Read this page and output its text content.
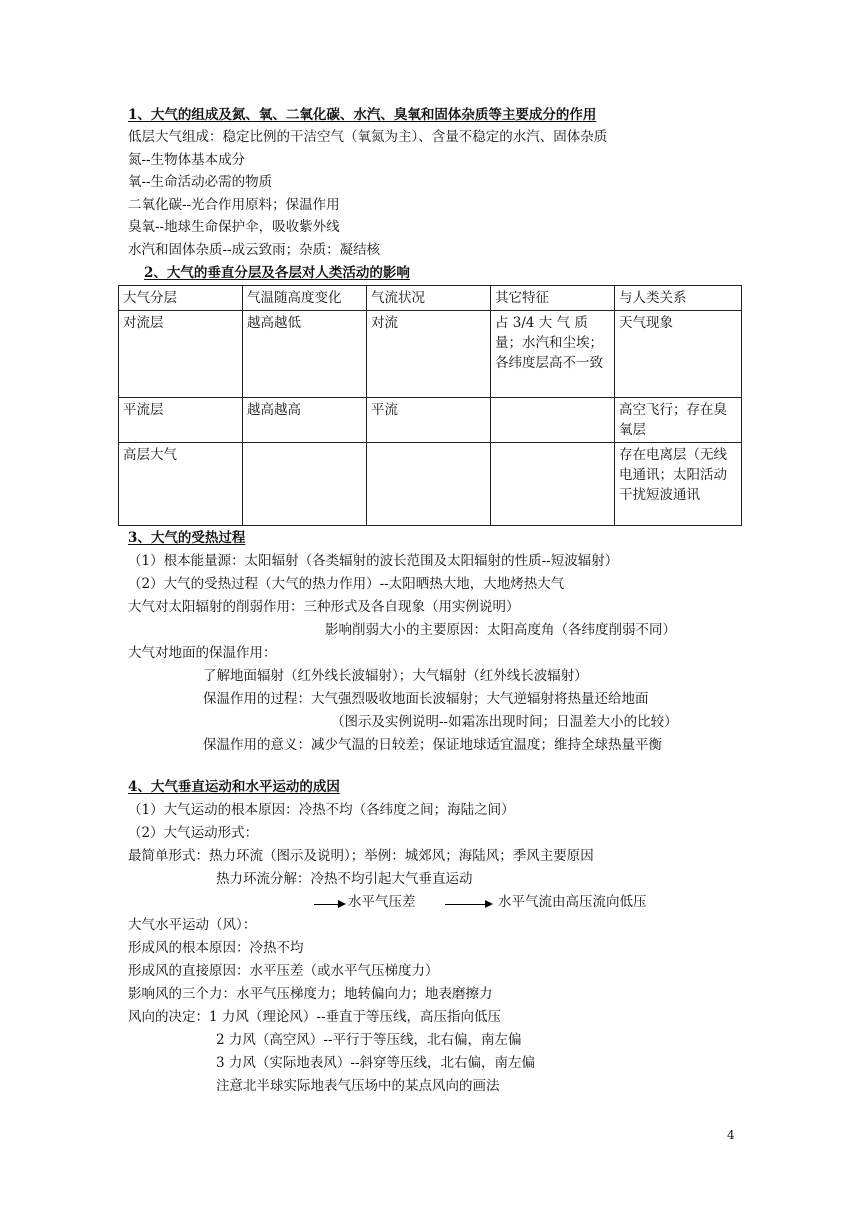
1、大气的组成及氮、氧、二氧化碳、水汽、臭氧和固体杂质等主要成分的作用
低层大气组成：稳定比例的干洁空气（氧氮为主）、含量不稳定的水汽、固体杂质
氮--生物体基本成分
氧--生命活动必需的物质
二氧化碳--光合作用原料；保温作用
臭氧--地球生命保护伞，吸收紫外线
水汽和固体杂质--成云致雨；杂质：凝结核
2、大气的垂直分层及各层对人类活动的影响
大气分层	气温随高度变化	气流状况	其它特征	与人类关系
对流层	越高越低	对流	占 3/4 大 气 质 量；水汽和尘埃；各纬度层高不一致	天气现象
平流层	越高越高	平流		高空飞行；存在臭氧层
高层大气				存在电离层（无线电通讯；太阳活动干扰短波通讯
3、大气的受热过程
（1）根本能量源：太阳辐射（各类辐射的波长范围及太阳辐射的性质--短波辐射）
（2）大气的受热过程（大气的热力作用）--太阳晒热大地，大地烤热大气
大气对太阳辐射的削弱作用：三种形式及各自现象（用实例说明）
影响削弱大小的主要原因：太阳高度角（各纬度削弱不同）
大气对地面的保温作用：
了解地面辐射（红外线长波辐射）；大气辐射（红外线长波辐射）
保温作用的过程：大气强烈吸收地面长波辐射；大气逆辐射将热量还给地面
（图示及实例说明--如霜冻出现时间；日温差大小的比较）
保温作用的意义：减少气温的日较差；保证地球适宜温度；维持全球热量平衡
4、大气垂直运动和水平运动的成因
（1）大气运动的根本原因：冷热不均（各纬度之间；海陆之间）
（2）大气运动形式：
最简单形式：热力环流（图示及说明）；举例：城郊风；海陆风；季风主要原因
热力环流分解：冷热不均引起大气垂直运动
水平气压差	水平气流由高压流向低压
大气水平运动（风）：
形成风的根本原因：冷热不均
形成风的直接原因：水平压差（或水平气压梯度力）
影响风的三个力：水平气压梯度力；地转偏向力；地表磨擦力
风向的决定：1 力风（理论风）--垂直于等压线，高压指向低压
2 力风（高空风）--平行于等压线，北右偏，南左偏
3 力风（实际地表风）--斜穿等压线，北右偏，南左偏
注意北半球实际地表气压场中的某点风向的画法
4
